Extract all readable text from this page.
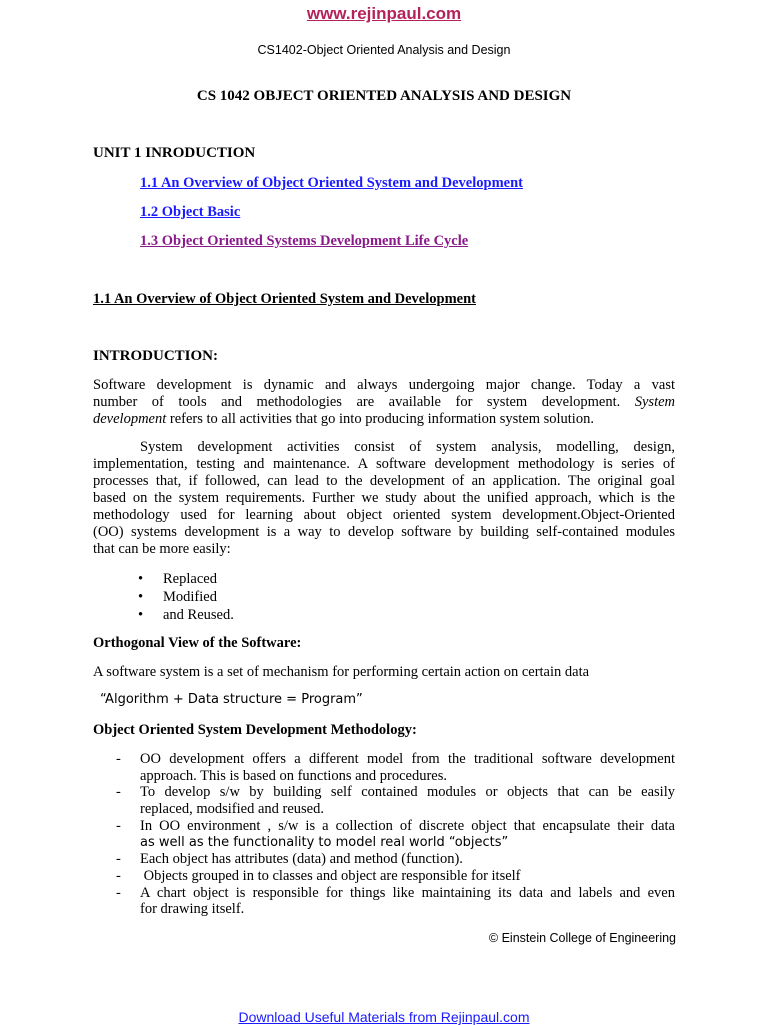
www.rejinpaul.com
CS1402-Object Oriented Analysis and Design
CS 1042 OBJECT ORIENTED ANALYSIS AND DESIGN
UNIT 1 INRODUCTION
1.1 An Overview of Object Oriented System and Development
1.2 Object Basic
1.3 Object Oriented Systems Development Life Cycle
1.1 An Overview of Object Oriented System and Development
INTRODUCTION:
Software development is dynamic and always undergoing major change. Today a vast
number of tools and methodologies are available for system development. System
development refers to all activities that go into producing information system solution.
System development activities consist of system analysis, modelling, design,
implementation, testing and maintenance. A software development methodology is series of
processes that, if followed, can lead to the development of an application. The original goal
based on the system requirements. Further we study about the unified approach, which is the
methodology used for learning about object oriented system development.Object-Oriented
(OO) systems development is a way to develop software by building self-contained modules
that can be more easily:
• Replaced
• Modified
• and Reused.
Orthogonal View of the Software:
A software system is a set of mechanism for performing certain action on certain data
“Algorithm + Data structure = Program”
Object Oriented System Development Methodology:
- OO development offers a different model from the traditional software development
approach. This is based on functions and procedures.
- To develop s/w by building self contained modules or objects that can be easily
replaced, modsified and reused.
- In OO environment , s/w is a collection of discrete object that encapsulate their data
as well as the functionality to model real world “objects”
- Each object has attributes (data) and method (function).
- Objects grouped in to classes and object are responsible for itself
- A chart object is responsible for things like maintaining its data and labels and even
for drawing itself.
© Einstein College of Engineering
Download Useful Materials from Rejinpaul.com
